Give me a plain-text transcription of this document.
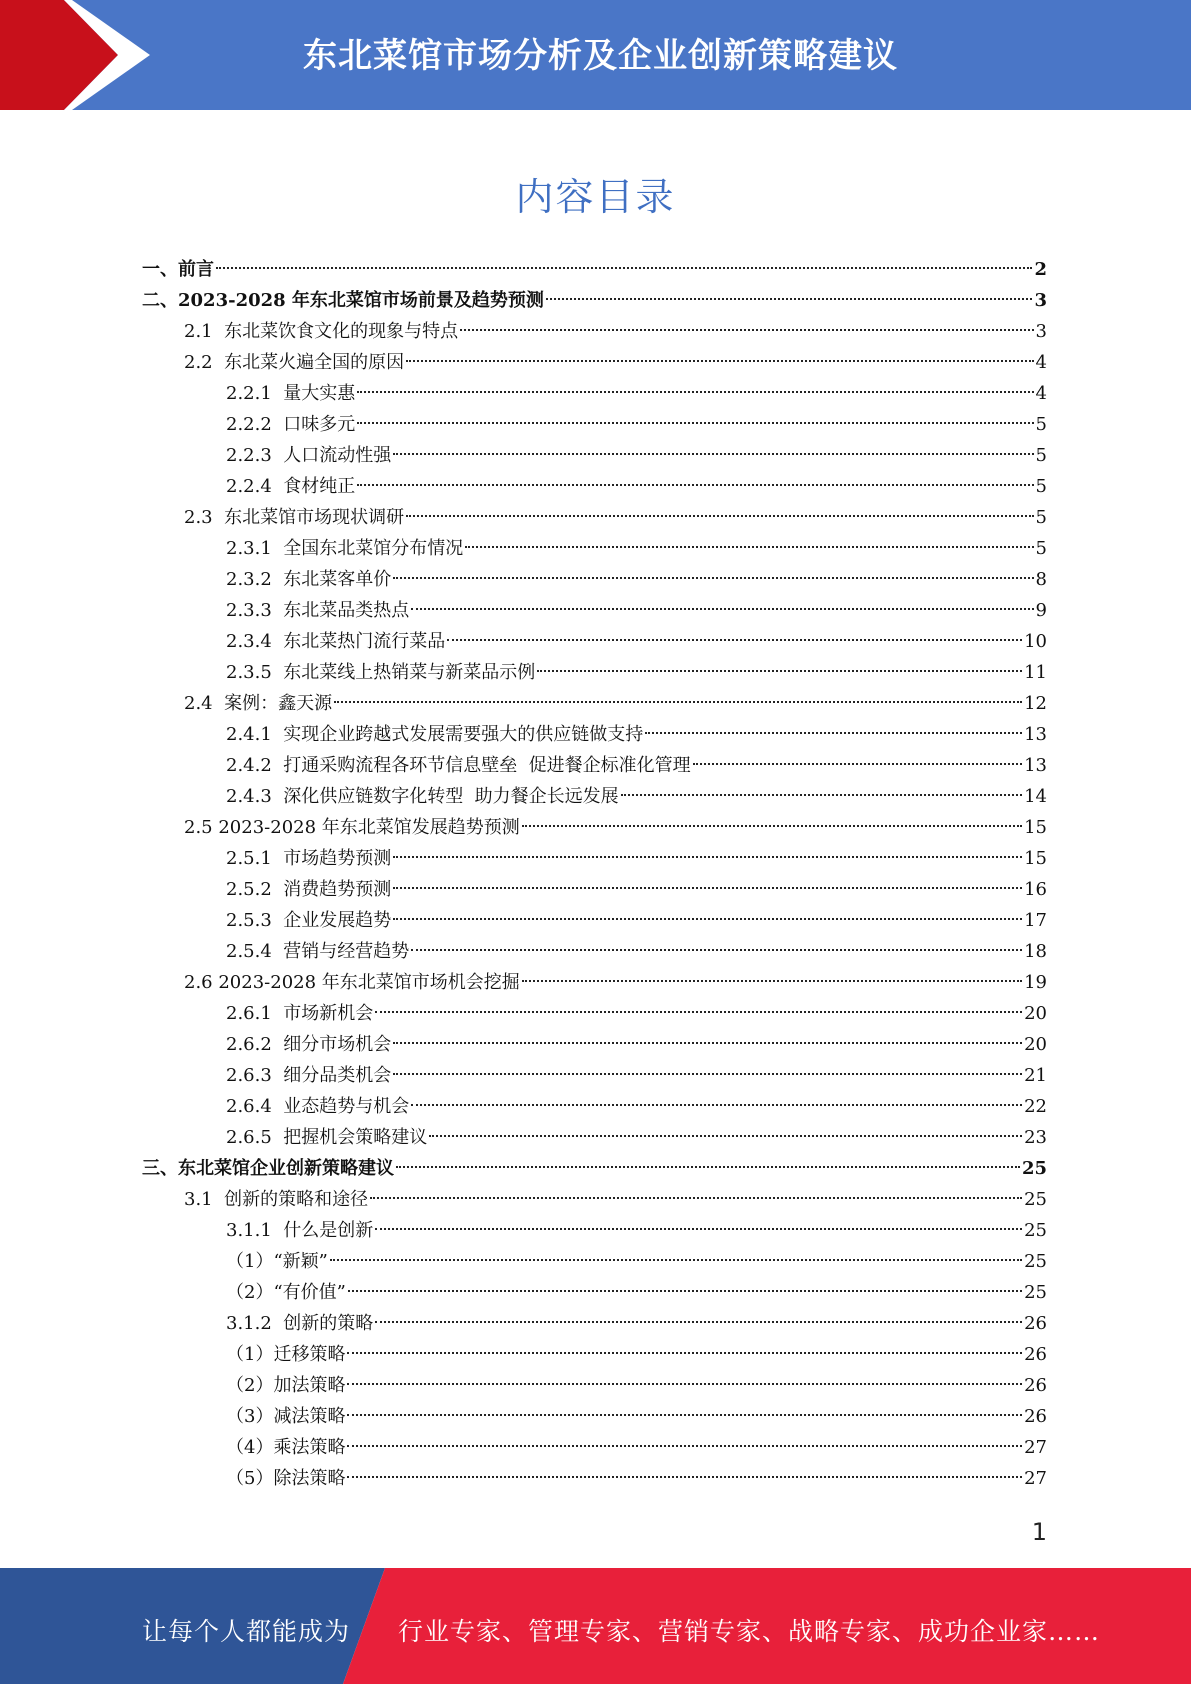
东北菜馆市场分析及企业创新策略建议
内容目录
一、前言	2
二、2023-2028 年东北菜馆市场前景及趋势预测	3
2.1  东北菜饮食文化的现象与特点	3
2.2  东北菜火遍全国的原因	4
2.2.1  量大实惠	4
2.2.2  口味多元	5
2.2.3  人口流动性强	5
2.2.4  食材纯正	5
2.3  东北菜馆市场现状调研	5
2.3.1  全国东北菜馆分布情况	5
2.3.2  东北菜客单价	8
2.3.3  东北菜品类热点	9
2.3.4  东北菜热门流行菜品	10
2.3.5  东北菜线上热销菜与新菜品示例	11
2.4  案例：鑫天源	12
2.4.1  实现企业跨越式发展需要强大的供应链做支持	13
2.4.2  打通采购流程各环节信息壁垒  促进餐企标准化管理	13
2.4.3  深化供应链数字化转型  助力餐企长远发展	14
2.5 2023-2028 年东北菜馆发展趋势预测	15
2.5.1  市场趋势预测	15
2.5.2  消费趋势预测	16
2.5.3  企业发展趋势	17
2.5.4  营销与经营趋势	18
2.6 2023-2028 年东北菜馆市场机会挖掘	19
2.6.1  市场新机会	20
2.6.2  细分市场机会	20
2.6.3  细分品类机会	21
2.6.4  业态趋势与机会	22
2.6.5  把握机会策略建议	23
三、东北菜馆企业创新策略建议	25
3.1  创新的策略和途径	25
3.1.1  什么是创新	25
（1）“新颖”	25
（2）“有价值”	25
3.1.2  创新的策略	26
（1）迁移策略	26
（2）加法策略	26
（3）减法策略	26
（4）乘法策略	27
（5）除法策略	27
1
让每个人都能成为 行业专家、管理专家、营销专家、战略专家、成功企业家……
